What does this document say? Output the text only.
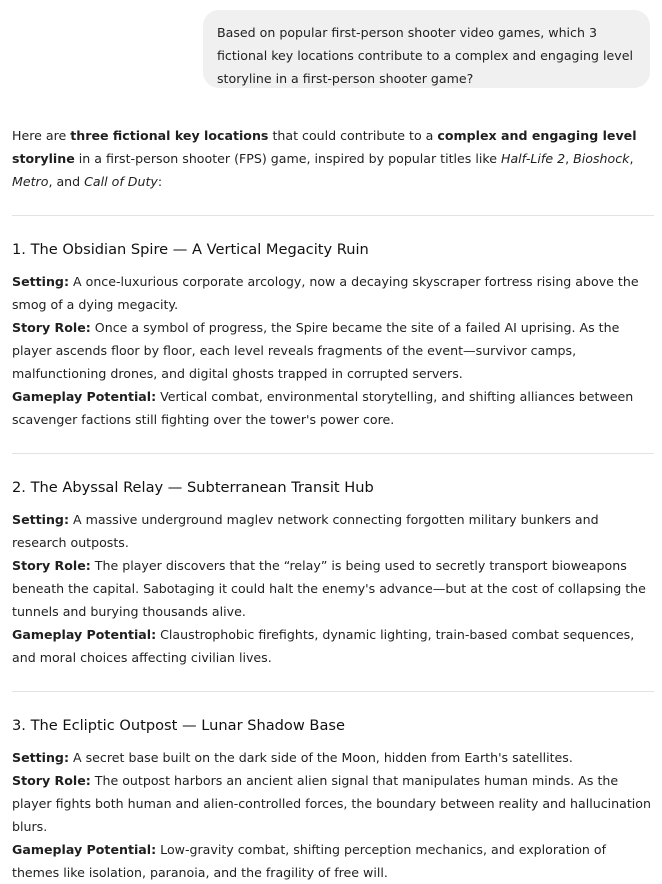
Based on popular first-person shooter video games, which 3 fictional key locations contribute to a complex and engaging level storyline in a first-person shooter game?

Here are three fictional key locations that could contribute to a complex and engaging level storyline in a first-person shooter (FPS) game, inspired by popular titles like Half-Life 2, Bioshock, Metro, and Call of Duty:

1. The Obsidian Spire — A Vertical Megacity Ruin

Setting: A once-luxurious corporate arcology, now a decaying skyscraper fortress rising above the smog of a dying megacity.

Story Role: Once a symbol of progress, the Spire became the site of a failed AI uprising. As the player ascends floor by floor, each level reveals fragments of the event—survivor camps, malfunctioning drones, and digital ghosts trapped in corrupted servers.

Gameplay Potential: Vertical combat, environmental storytelling, and shifting alliances between scavenger factions still fighting over the tower's power core.

2. The Abyssal Relay — Subterranean Transit Hub

Setting: A massive underground maglev network connecting forgotten military bunkers and research outposts.

Story Role: The player discovers that the “relay” is being used to secretly transport bioweapons beneath the capital. Sabotaging it could halt the enemy's advance—but at the cost of collapsing the tunnels and burying thousands alive.

Gameplay Potential: Claustrophobic firefights, dynamic lighting, train-based combat sequences, and moral choices affecting civilian lives.

3. The Ecliptic Outpost — Lunar Shadow Base

Setting: A secret base built on the dark side of the Moon, hidden from Earth's satellites.

Story Role: The outpost harbors an ancient alien signal that manipulates human minds. As the player fights both human and alien-controlled forces, the boundary between reality and hallucination blurs.

Gameplay Potential: Low-gravity combat, shifting perception mechanics, and exploration of themes like isolation, paranoia, and the fragility of free will.
